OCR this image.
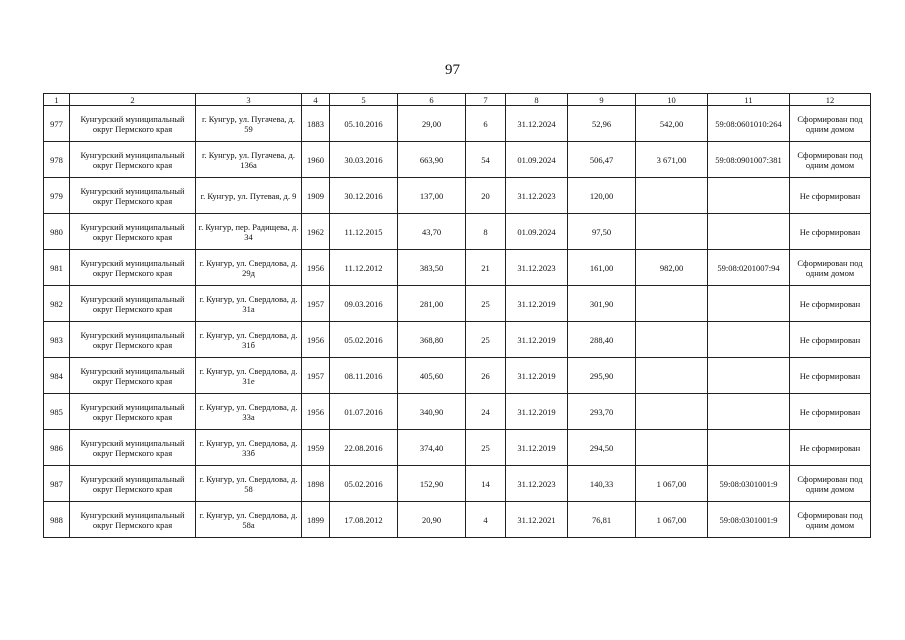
97
1	2	3	4	5	6	7	8	9	10	11	12
977	Кунгурский муниципальный округ Пермского края	г. Кунгур, ул. Пугачева, д. 59	1883	05.10.2016	29,00	6	31.12.2024	52,96	542,00	59:08:0601010:264	Сформирован под одним домом
978	Кунгурский муниципальный округ Пермского края	г. Кунгур, ул. Пугачева, д. 136а	1960	30.03.2016	663,90	54	01.09.2024	506,47	3 671,00	59:08:0901007:381	Сформирован под одним домом
979	Кунгурский муниципальный округ Пермского края	г. Кунгур, ул. Путевая, д. 9	1909	30.12.2016	137,00	20	31.12.2023	120,00			Не сформирован
980	Кунгурский муниципальный округ Пермского края	г. Кунгур, пер. Радищева, д. 34	1962	11.12.2015	43,70	8	01.09.2024	97,50			Не сформирован
981	Кунгурский муниципальный округ Пермского края	г. Кунгур, ул. Свердлова, д. 29д	1956	11.12.2012	383,50	21	31.12.2023	161,00	982,00	59:08:0201007:94	Сформирован под одним домом
982	Кунгурский муниципальный округ Пермского края	г. Кунгур, ул. Свердлова, д. 31а	1957	09.03.2016	281,00	25	31.12.2019	301,90			Не сформирован
983	Кунгурский муниципальный округ Пермского края	г. Кунгур, ул. Свердлова, д. 31б	1956	05.02.2016	368,80	25	31.12.2019	288,40			Не сформирован
984	Кунгурский муниципальный округ Пермского края	г. Кунгур, ул. Свердлова, д. 31е	1957	08.11.2016	405,60	26	31.12.2019	295,90			Не сформирован
985	Кунгурский муниципальный округ Пермского края	г. Кунгур, ул. Свердлова, д. 33а	1956	01.07.2016	340,90	24	31.12.2019	293,70			Не сформирован
986	Кунгурский муниципальный округ Пермского края	г. Кунгур, ул. Свердлова, д. 33б	1959	22.08.2016	374,40	25	31.12.2019	294,50			Не сформирован
987	Кунгурский муниципальный округ Пермского края	г. Кунгур, ул. Свердлова, д. 58	1898	05.02.2016	152,90	14	31.12.2023	140,33	1 067,00	59:08:0301001:9	Сформирован под одним домом
988	Кунгурский муниципальный округ Пермского края	г. Кунгур, ул. Свердлова, д. 58а	1899	17.08.2012	20,90	4	31.12.2021	76,81	1 067,00	59:08:0301001:9	Сформирован под одним домом
